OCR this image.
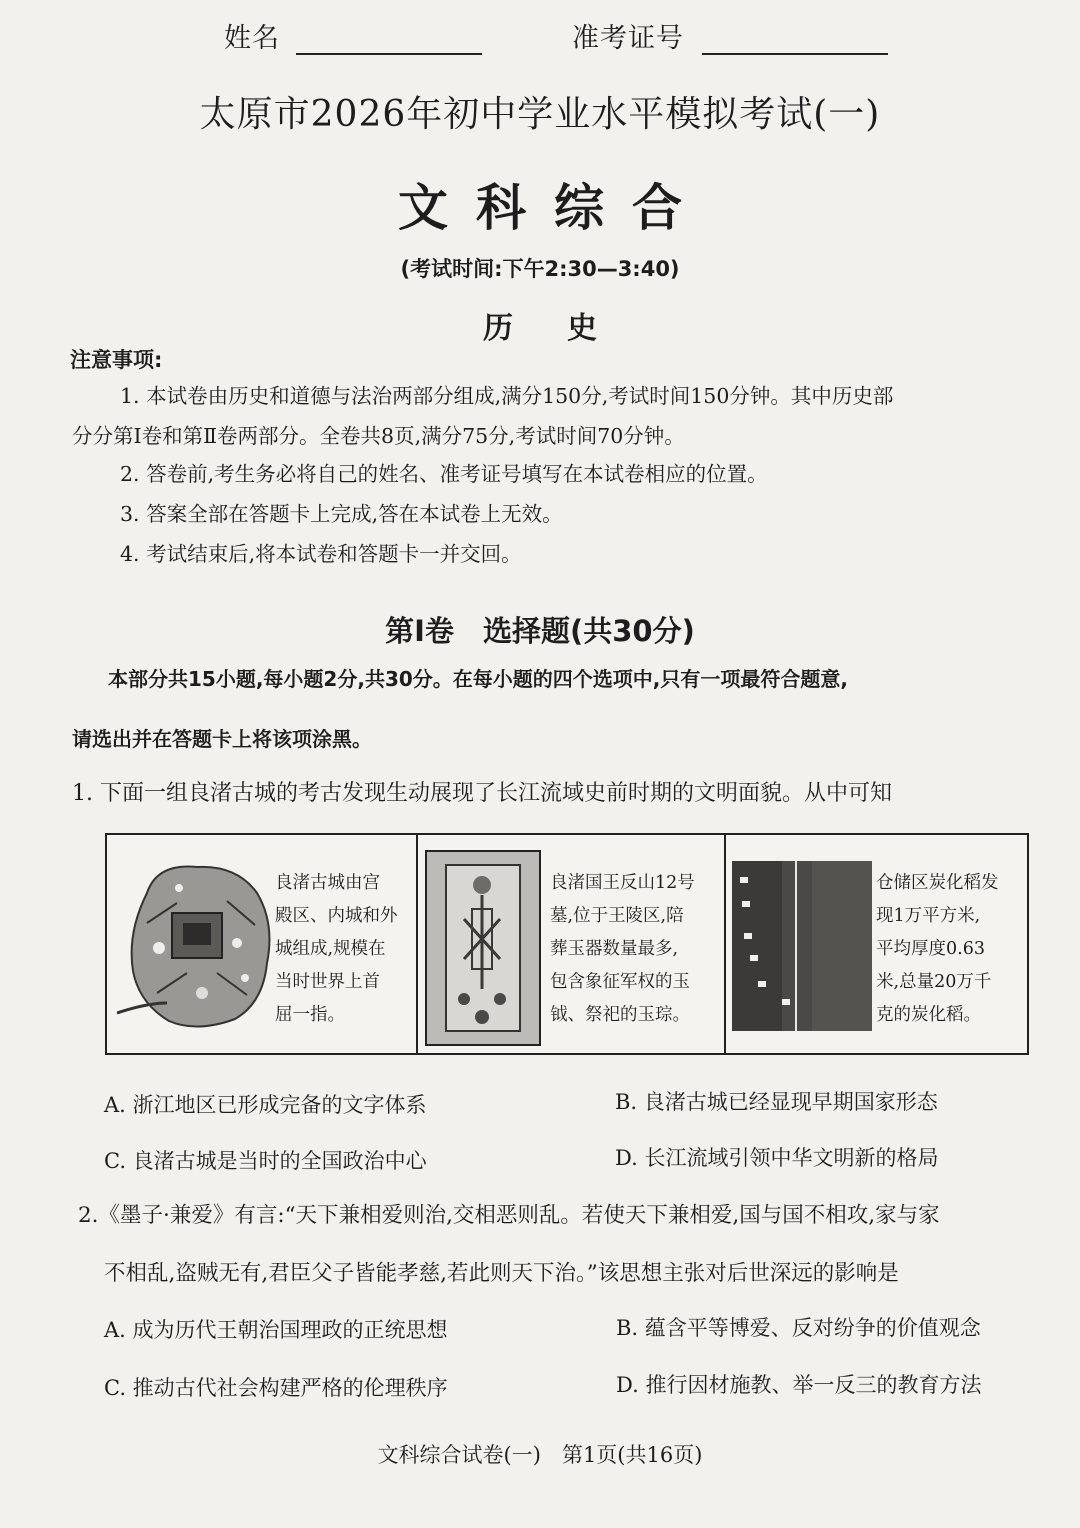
姓名	准考证号
太原市2026年初中学业水平模拟考试(一)
文科综合
(考试时间:下午2:30—3:40)
历史
注意事项:
1. 本试卷由历史和道德与法治两部分组成,满分150分,考试时间150分钟。其中历史部
分分第Ⅰ卷和第Ⅱ卷两部分。全卷共8页,满分75分,考试时间70分钟。
2. 答卷前,考生务必将自己的姓名、准考证号填写在本试卷相应的位置。
3. 答案全部在答题卡上完成,答在本试卷上无效。
4. 考试结束后,将本试卷和答题卡一并交回。
第Ⅰ卷　选择题(共30分)
本部分共15小题,每小题2分,共30分。在每小题的四个选项中,只有一项最符合题意,
请选出并在答题卡上将该项涂黑。
1. 下面一组良渚古城的考古发现生动展现了长江流域史前时期的文明面貌。从中可知
良渚古城由宫
殿区、内城和外
城组成,规模在
当时世界上首
屈一指。
良渚国王反山12号
墓,位于王陵区,陪
葬玉器数量最多,
包含象征军权的玉
钺、祭祀的玉琮。
仓储区炭化稻发
现1万平方米,
平均厚度0.63
米,总量20万千
克的炭化稻。
A. 浙江地区已形成完备的文字体系	B. 良渚古城已经显现早期国家形态
C. 良渚古城是当时的全国政治中心	D. 长江流域引领中华文明新的格局
2.《墨子·兼爱》有言:“天下兼相爱则治,交相恶则乱。若使天下兼相爱,国与国不相攻,家与家
不相乱,盗贼无有,君臣父子皆能孝慈,若此则天下治。”该思想主张对后世深远的影响是
A. 成为历代王朝治国理政的正统思想	B. 蕴含平等博爱、反对纷争的价值观念
C. 推动古代社会构建严格的伦理秩序	D. 推行因材施教、举一反三的教育方法
文科综合试卷(一)　第1页(共16页)
